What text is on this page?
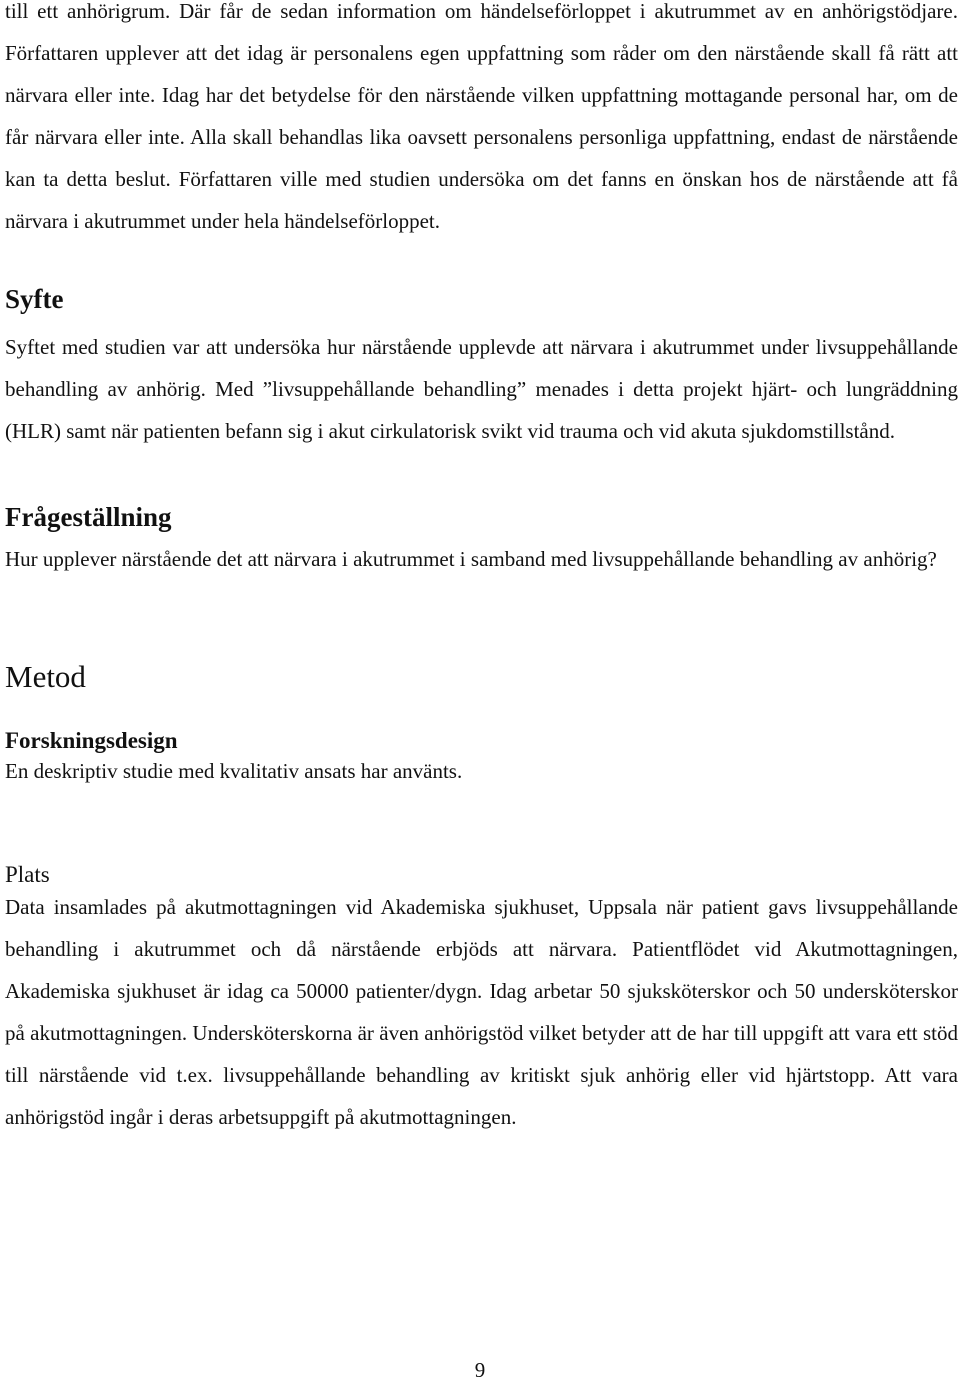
till ett anhörigrum. Där får de sedan information om händelseförloppet i akutrummet av en anhörigstödjare. Författaren upplever att det idag är personalens egen uppfattning som råder om den närstående skall få rätt att närvara eller inte. Idag har det betydelse för den närstående vilken uppfattning mottagande personal har, om de får närvara eller inte. Alla skall behandlas lika oavsett personalens personliga uppfattning, endast de närstående kan ta detta beslut. Författaren ville med studien undersöka om det fanns en önskan hos de närstående att få närvara i akutrummet under hela händelseförloppet.

Syfte

Syftet med studien var att undersöka hur närstående upplevde att närvara i akutrummet under livsuppehållande behandling av anhörig. Med ”livsuppehållande behandling” menades i detta projekt hjärt- och lungräddning (HLR) samt när patienten befann sig i akut cirkulatorisk svikt vid trauma och vid akuta sjukdomstillstånd.

Frågeställning

Hur upplever närstående det att närvara i akutrummet i samband med livsuppehållande behandling av anhörig?

Metod
Forskningsdesign

En deskriptiv studie med kvalitativ ansats har använts.

Plats

Data insamlades på akutmottagningen vid Akademiska sjukhuset, Uppsala när patient gavs livsuppehållande behandling i akutrummet och då närstående erbjöds att närvara. Patientflödet vid Akutmottagningen, Akademiska sjukhuset är idag ca 50000 patienter/dygn. Idag arbetar 50 sjuksköterskor och 50 undersköterskor på akutmottagningen. Undersköterskorna är även anhörigstöd vilket betyder att de har till uppgift att vara ett stöd till närstående vid t.ex. livsuppehållande behandling av kritiskt sjuk anhörig eller vid hjärtstopp. Att vara anhörigstöd ingår i deras arbetsuppgift på akutmottagningen.

9
